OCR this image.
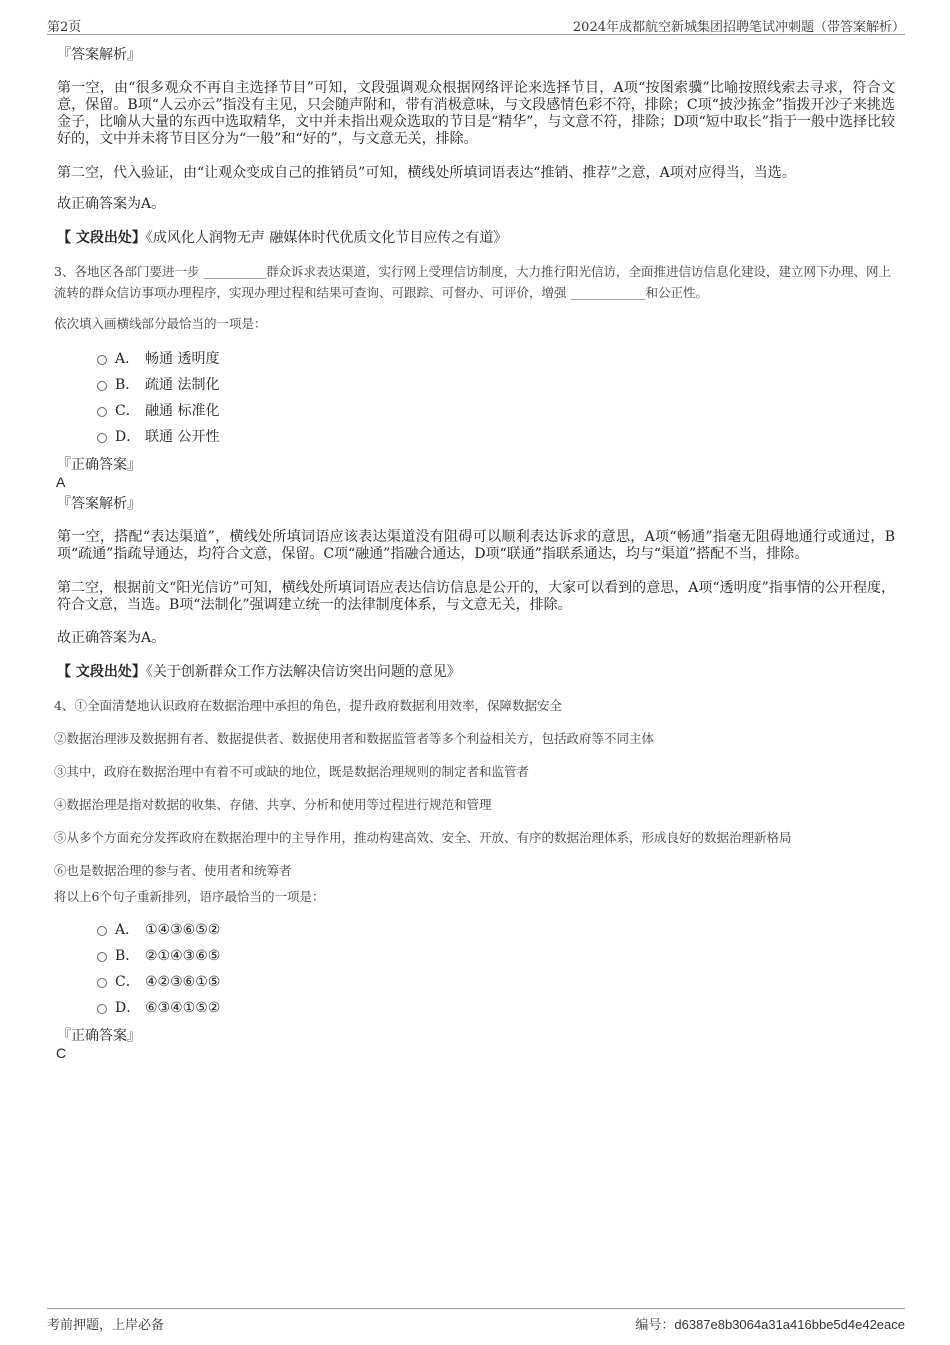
第2页	2024年成都航空新城集团招聘笔试冲刺题（带答案解析）

『答案解析』

第一空，由“很多观众不再自主选择节目”可知，文段强调观众根据网络评论来选择节目，A项“按图索骥”比喻按照线索去寻求，符合文意，保留。B项“人云亦云”指没有主见，只会随声附和，带有消极意味，与文段感情色彩不符，排除；C项“披沙拣金”指拨开沙子来挑选金子，比喻从大量的东西中选取精华，文中并未指出观众选取的节目是“精华”，与文意不符，排除；D项“短中取长”指于一般中选择比较好的，文中并未将节目区分为“一般”和“好的”，与文意无关，排除。

第二空，代入验证，由“让观众变成自己的推销员”可知，横线处所填词语表达“推销、推荐”之意，A项对应得当，当选。

故正确答案为A。

【 文段出处】《成风化人润物无声 融媒体时代优质文化节目应传之有道》

3、各地区各部门要进一步 __________群众诉求表达渠道，实行网上受理信访制度，大力推行阳光信访，全面推进信访信息化建设，建立网下办理、网上流转的群众信访事项办理程序，实现办理过程和结果可查询、可跟踪、可督办、可评价，增强 ____________和公正性。

依次填入画横线部分最恰当的一项是：

A． 畅通 透明度
B． 疏通 法制化
C． 融通 标准化
D． 联通 公开性

『正确答案』

A

『答案解析』

第一空，搭配“表达渠道”，横线处所填词语应该表达渠道没有阻碍可以顺利表达诉求的意思，A项“畅通”指毫无阻碍地通行或通过，B项“疏通”指疏导通达，均符合文意，保留。C项“融通”指融合通达，D项“联通”指联系通达，均与“渠道”搭配不当，排除。

第二空，根据前文“阳光信访”可知，横线处所填词语应表达信访信息是公开的，大家可以看到的意思，A项“透明度”指事情的公开程度，符合文意，当选。B项“法制化”强调建立统一的法律制度体系，与文意无关，排除。

故正确答案为A。

【 文段出处】《关于创新群众工作方法解决信访突出问题的意见》

4、①全面清楚地认识政府在数据治理中承担的角色，提升政府数据利用效率，保障数据安全

②数据治理涉及数据拥有者、数据提供者、数据使用者和数据监管者等多个利益相关方，包括政府等不同主体

③其中，政府在数据治理中有着不可或缺的地位，既是数据治理规则的制定者和监管者

④数据治理是指对数据的收集、存储、共享、分析和使用等过程进行规范和管理

⑤从多个方面充分发挥政府在数据治理中的主导作用，推动构建高效、安全、开放、有序的数据治理体系，形成良好的数据治理新格局

⑥也是数据治理的参与者、使用者和统筹者

将以上6个句子重新排列，语序最恰当的一项是：

A． ①④③⑥⑤②
B． ②①④③⑥⑤
C． ④②③⑥①⑤
D． ⑥③④①⑤②

『正确答案』

C

考前押题，上岸必备	编号：d6387e8b3064a31a416bbe5d4e42eace
